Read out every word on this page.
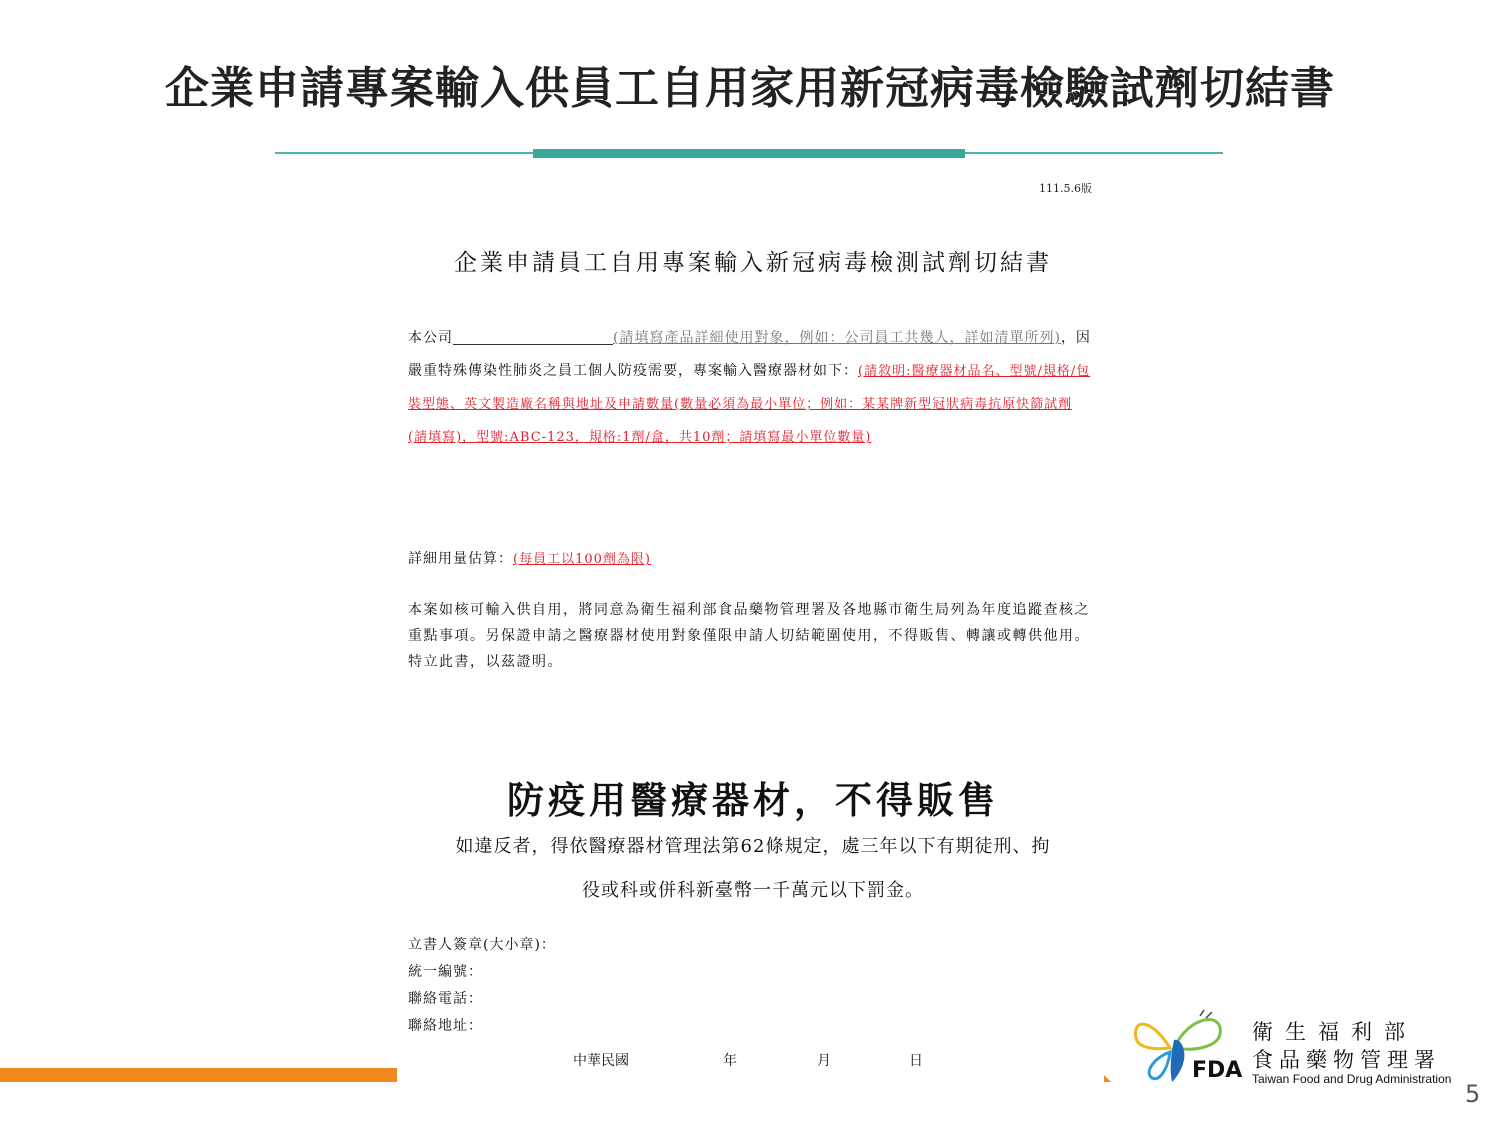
企業申請專案輸入供員工自用家用新冠病毒檢驗試劑切結書
111.5.6版
企業申請員工自用專案輸入新冠病毒檢測試劑切結書
本公司	(請填寫產品詳細使用對象，例如：公司員工共幾人，詳如清單所列)，因嚴重特殊傳染性肺炎之員工個人防疫需要，專案輸入醫療器材如下：(請敘明:醫療器材品名、型號/規格/包裝型態、英文製造廠名稱與地址及申請數量(數量必須為最小單位；例如：某某牌新型冠狀病毒抗原快篩試劑(請填寫)，型號:ABC-123，規格:1劑/盒，共10劑；請填寫最小單位數量)
詳細用量估算：(每員工以100劑為限)
本案如核可輸入供自用，將同意為衛生福利部食品藥物管理署及各地縣市衛生局列為年度追蹤查核之重點事項。另保證申請之醫療器材使用對象僅限申請人切結範圍使用，不得販售、轉讓或轉供他用。特立此書，以茲證明。
防疫用醫療器材，不得販售
如違反者，得依醫療器材管理法第62條規定，處三年以下有期徒刑、拘
役或科或併科新臺幣一千萬元以下罰金。
立書人簽章(大小章)：
統一編號：
聯絡電話：
聯絡地址：
中華民國	年	月	日	FDA
衛生福利部
食品藥物管理署
Taiwan Food and Drug Administration
5
